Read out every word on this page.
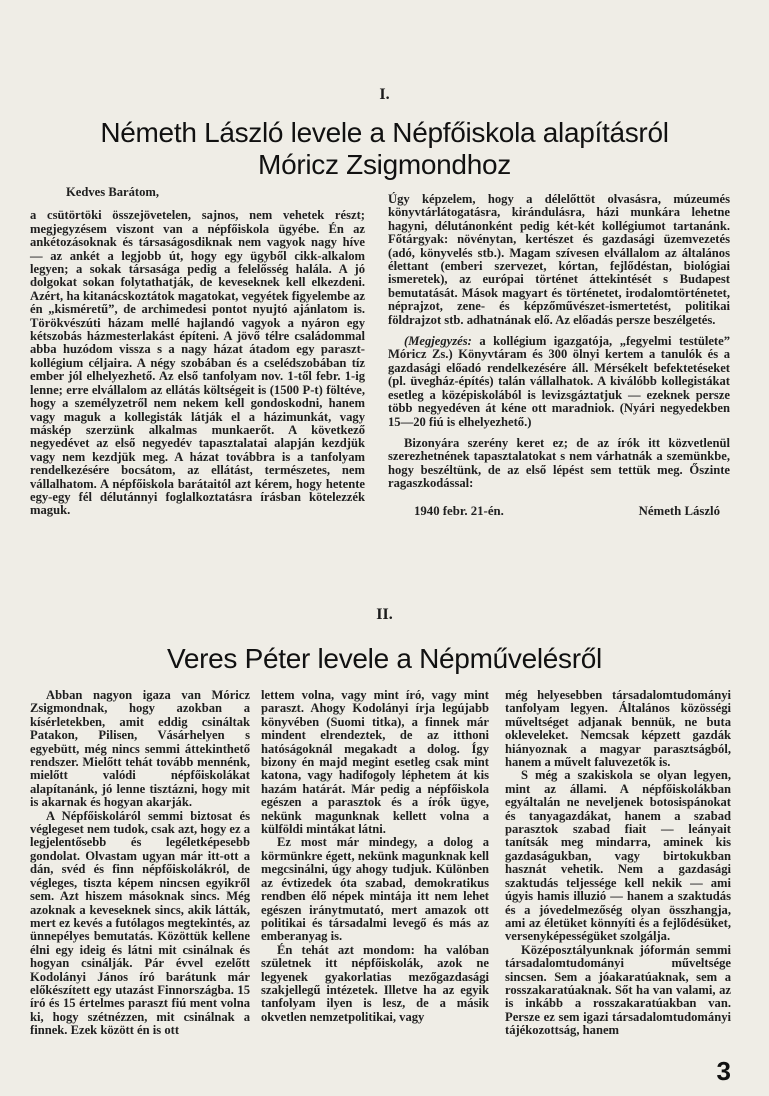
I.
Németh László levele a Népfőiskola alapításról
Móricz Zsigmondhoz

Kedves Barátom,

a csütörtöki összejövetelen, sajnos, nem vehetek részt; megjegyzésem viszont van a népfőiskola ügyébe. Én az ankétozásoknak és társaságosdiknak nem vagyok nagy híve — az ankét a legjobb út, hogy egy ügyből cikk-alkalom legyen; a sokak társasága pedig a felelősség halála. A jó dolgokat sokan folytathatják, de keveseknek kell elkezdeni. Azért, ha kitanácskoztátok magatokat, vegyétek figyelembe az én „kisméretű”, de archimedesi pontot nyujtó ajánlatom is. Törökvészúti házam mellé hajlandó vagyok a nyáron egy kétszobás házmesterlakást építeni. A jövő télre családommal abba huzódom vissza s a nagy házat átadom egy paraszt-kollégium céljaira. A négy szobában és a cselédszobában tíz ember jól elhelyezhető. Az első tanfolyam nov. 1-től febr. 1-ig lenne; erre elvállalom az ellátás költségeit is (1500 P-t) föltéve, hogy a személyzetről nem nekem kell gondoskodni, hanem vagy maguk a kollegisták látják el a házimunkát, vagy máskép szerzünk alkalmas munkaerőt. A következő negyedévet az első negyedév tapasztalatai alapján kezdjük vagy nem kezdjük meg. A házat továbbra is a tanfolyam rendelkezésére bocsátom, az ellátást, természetes, nem vállalhatom. A népfőiskola barátaitól azt kérem, hogy hetente egy-egy fél délutánnyi foglalkoztatásra írásban kötelezzék maguk.

Úgy képzelem, hogy a délelőttöt olvasásra, múzeumés könyvtárlátogatásra, kirándulásra, házi munkára lehetne hagyni, délutánonként pedig két-két kollégiumot tartanánk. Főtárgyak: növénytan, kertészet és gazdasági üzemvezetés (adó, könyvelés stb.). Magam szívesen elvállalom az általános élettant (emberi szervezet, kórtan, fejlődéstan, biológiai ismeretek), az európai történet áttekintését s Budapest bemutatását. Mások magyart és történetet, irodalomtörténetet, néprajzot, zene- és képzőművészet-ismertetést, politikai földrajzot stb. adhatnának elő. Az előadás persze beszélgetés.

(Megjegyzés: a kollégium igazgatója, „fegyelmi testülete” Móricz Zs.) Könyvtáram és 300 ölnyi kertem a tanulók és a gazdasági előadó rendelkezésére áll. Mérsékelt befektetéseket (pl. üvegház-építés) talán vállalhatok. A kiválóbb kollegistákat esetleg a középiskolából is levizsgáztatjuk — ezeknek persze több negyedéven át kéne ott maradniok. (Nyári negyedekben 15—20 fiú is elhelyezhető.)

Bizonyára szerény keret ez; de az írók itt közvetlenül szerezhetnének tapasztalatokat s nem várhatnák a szemünkbe, hogy beszéltünk, de az első lépést sem tettük meg. Őszinte ragaszkodással:

1940 febr. 21-én.	Németh László
II.
Veres Péter levele a Népművelésről

Abban nagyon igaza van Móricz Zsigmondnak, hogy azokban a kísérletekben, amit eddig csináltak Patakon, Pilisen, Vásárhelyen s egyebütt, még nincs semmi áttekinthető rendszer. Mielőtt tehát tovább mennénk, mielőtt valódi népfőiskolákat alapítanánk, jó lenne tisztázni, hogy mit is akarnak és hogyan akarják.

A Népfőiskoláról semmi biztosat és véglegeset nem tudok, csak azt, hogy ez a legjelentősebb és legéletképesebb gondolat. Olvastam ugyan már itt-ott a dán, svéd és finn népfőiskolákról, de végleges, tiszta képem nincsen egyikről sem. Azt hiszem másoknak sincs. Még azoknak a keveseknek sincs, akik látták, mert ez kevés a futólagos megtekintés, az ünnepélyes bemutatás. Közöttük kellene élni egy ideig és látni mit csinálnak és hogyan csinálják. Pár évvel ezelőtt Kodolányi János író barátunk már előkészített egy utazást Finnországba. 15 író és 15 értelmes paraszt fiú ment volna ki, hogy szétnézzen, mit csinálnak a finnek. Ezek között én is ott

lettem volna, vagy mint író, vagy mint paraszt. Ahogy Kodolányi írja legújabb könyvében (Suomi titka), a finnek már mindent elrendeztek, de az itthoni hatóságoknál megakadt a dolog. Így bizony én majd megint esetleg csak mint katona, vagy hadifogoly léphetem át kis hazám határát. Már pedig a népfőiskola egészen a parasztok és a írók ügye, nekünk magunknak kellett volna a külföldi mintákat látni.

Ez most már mindegy, a dolog a körmünkre égett, nekünk magunknak kell megcsinálni, úgy ahogy tudjuk. Különben az évtizedek óta szabad, demokratikus rendben élő népek mintája itt nem lehet egészen iránytmutató, mert amazok ott politikai és társadalmi levegő és más az emberanyag is.

Én tehát azt mondom: ha valóban születnek itt népfőiskolák, azok ne legyenek gyakorlatias mezőgazdasági szakjellegű intézetek. Illetve ha az egyik tanfolyam ilyen is lesz, de a másik okvetlen nemzetpolitikai, vagy

még helyesebben társadalomtudományi tanfolyam legyen. Általános közösségi műveltséget adjanak bennük, ne buta okleveleket. Nemcsak képzett gazdák hiányoznak a magyar parasztságból, hanem a művelt faluvezetők is.

S még a szakiskola se olyan legyen, mint az állami. A népfőiskolákban egyáltalán ne neveljenek botosispánokat és tanyagazdákat, hanem a szabad parasztok szabad fiait — leányait tanítsák meg mindarra, aminek kis gazdaságukban, vagy birtokukban hasznát vehetik. Nem a gazdasági szaktudás teljessége kell nekik — ami úgyis hamis illuzió — hanem a szaktudás és a jóvedelmezőség olyan összhangja, ami az életüket könnyíti és a fejlődésüket, versenyképességüket szolgálja.

Középosztályunknak jóformán semmi társadalomtudományi műveltsége sincsen. Sem a jóakaratúaknak, sem a rosszakaratúaknak. Sőt ha van valami, az is inkább a rosszakaratúakban van. Persze ez sem igazi társadalomtudományi tájékozottság, hanem

3
